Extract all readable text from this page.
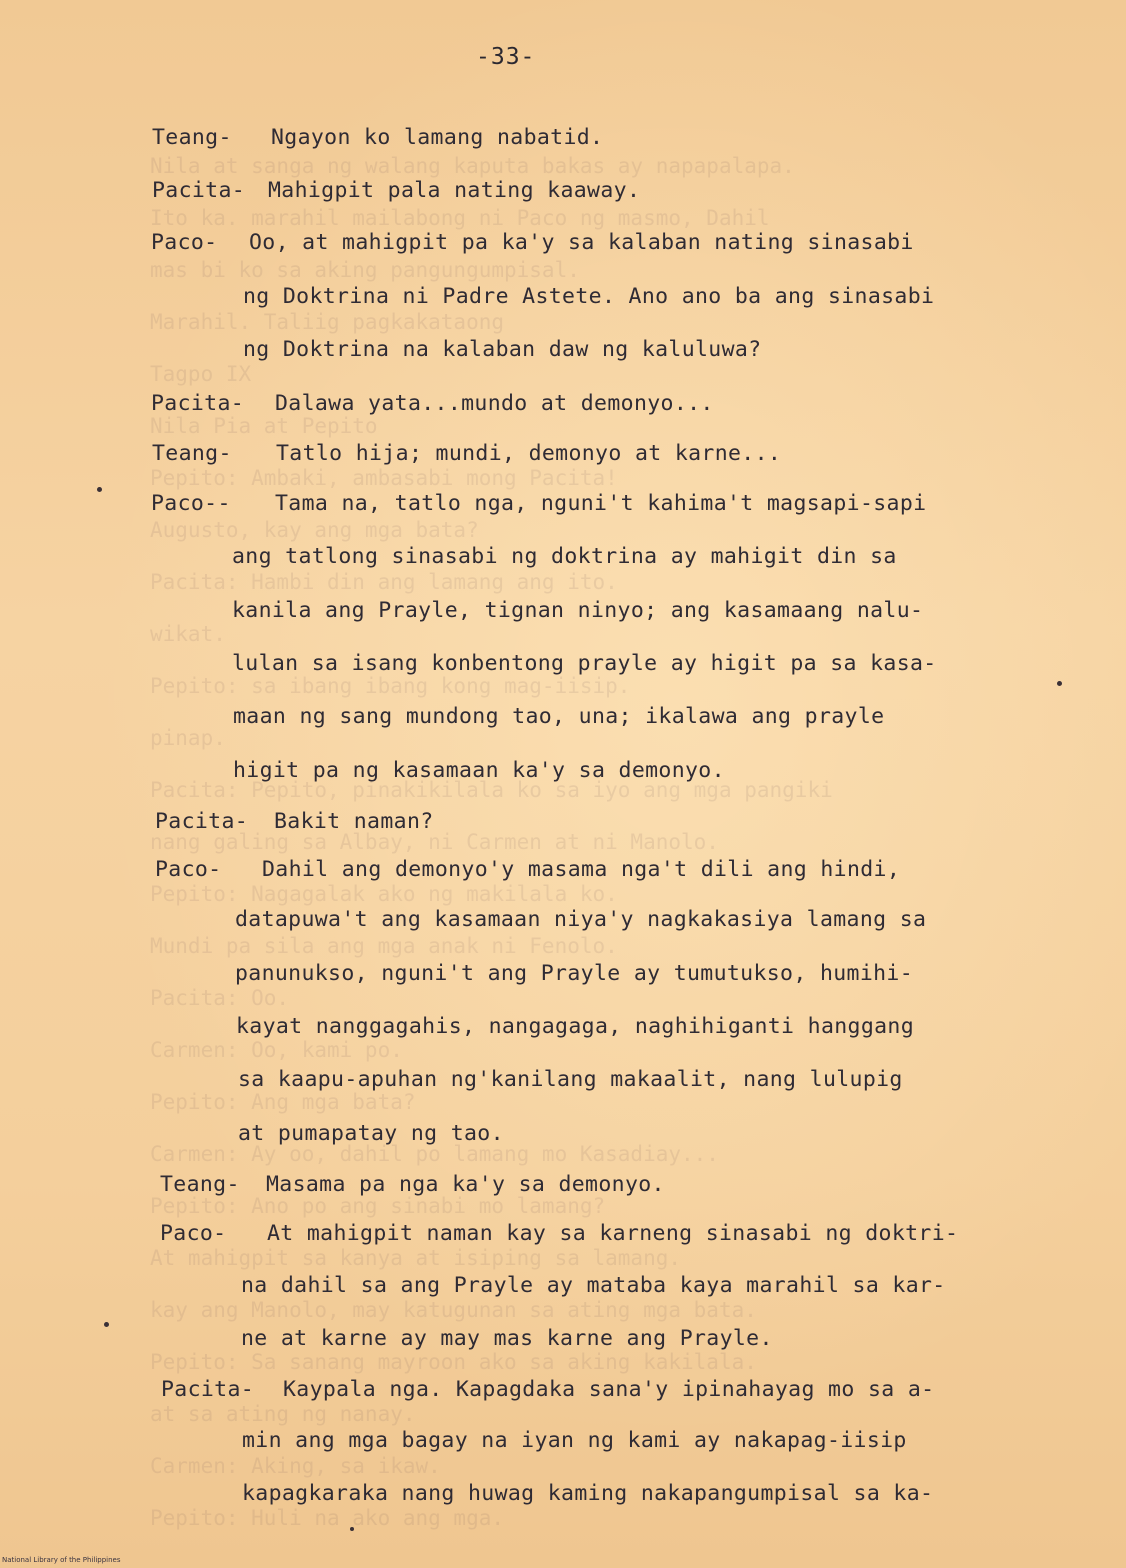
Nila at sanga ng walang kaputa bakas ay napapalapa.
Ito ka. marahil mailabong ni Paco ng masmo, Dahil
mas bi ko sa aking pangungumpisal.
Marahil. Taliig pagkakataong
Tagpo IX
Nila Pia at Pepito
Pepito: Ambaki, ambasabi mong Pacita!
Augusto, kay ang mga bata?
Pacita: Hambi din ang lamang ang ito.
wikat.
Pepito: sa ibang ibang kong mag-iisip.
pinap.
Pacita: Pepito, pinakikilala ko sa iyo ang mga pangiki
nang galing sa Albay, ni Carmen at ni Manolo.
Pepito: Nagagalak ako ng makilala ko.
Mundi pa sila ang mga anak ni Fenolo.
Pacita: Oo.
Carmen: Oo, kami po.
Pepito: Ang mga bata?
Carmen: Ay oo, dahil po lamang mo Kasadiay...
Pepito: Ano po ang sinabi mo lamang?
At mahigpit sa kanya at isiping sa lamang.
kay ang Manolo, may katugunan sa ating mga bata.
Pepito: Sa sanang mayroon ako sa aking kakilala.
at sa ating ng nanay.
Carmen: Aking, sa ikaw.
Pepito: Huli na ako ang mga.
-33-
Teang- Ngayon ko lamang nabatid.
Pacita- Mahigpit pala nating kaaway.
Paco- Oo, at mahigpit pa ka'y sa kalaban nating sinasabi
ng Doktrina ni Padre Astete. Ano ano ba ang sinasabi
ng Doktrina na kalaban daw ng kaluluwa?
Pacita- Dalawa yata...mundo at demonyo...
Teang- Tatlo hija; mundi, demonyo at karne...
Paco-- Tama na, tatlo nga, nguni't kahima't magsapi-sapi
ang tatlong sinasabi ng doktrina ay mahigit din sa
kanila ang Prayle, tignan ninyo; ang kasamaang nalu-
lulan sa isang konbentong prayle ay higit pa sa kasa-
maan ng sang mundong tao, una; ikalawa ang prayle
higit pa ng kasamaan ka'y sa demonyo.
Pacita- Bakit naman?
Paco- Dahil ang demonyo'y masama nga't dili ang hindi,
datapuwa't ang kasamaan niya'y nagkakasiya lamang sa
panunukso, nguni't ang Prayle ay tumutukso, humihi-
kayat nanggagahis, nangagaga, naghihiganti hanggang
sa kaapu-apuhan ng'kanilang makaalit, nang lulupig
at pumapatay ng tao.
Teang- Masama pa nga ka'y sa demonyo.
Paco- At mahigpit naman kay sa karneng sinasabi ng doktri-
na dahil sa ang Prayle ay mataba kaya marahil sa kar-
ne at karne ay may mas karne ang Prayle.
Pacita- Kaypala nga. Kapagdaka sana'y ipinahayag mo sa a-
min ang mga bagay na iyan ng kami ay nakapag-iisip
kapagkaraka nang huwag kaming nakapangumpisal sa ka-
National Library of the Philippines
